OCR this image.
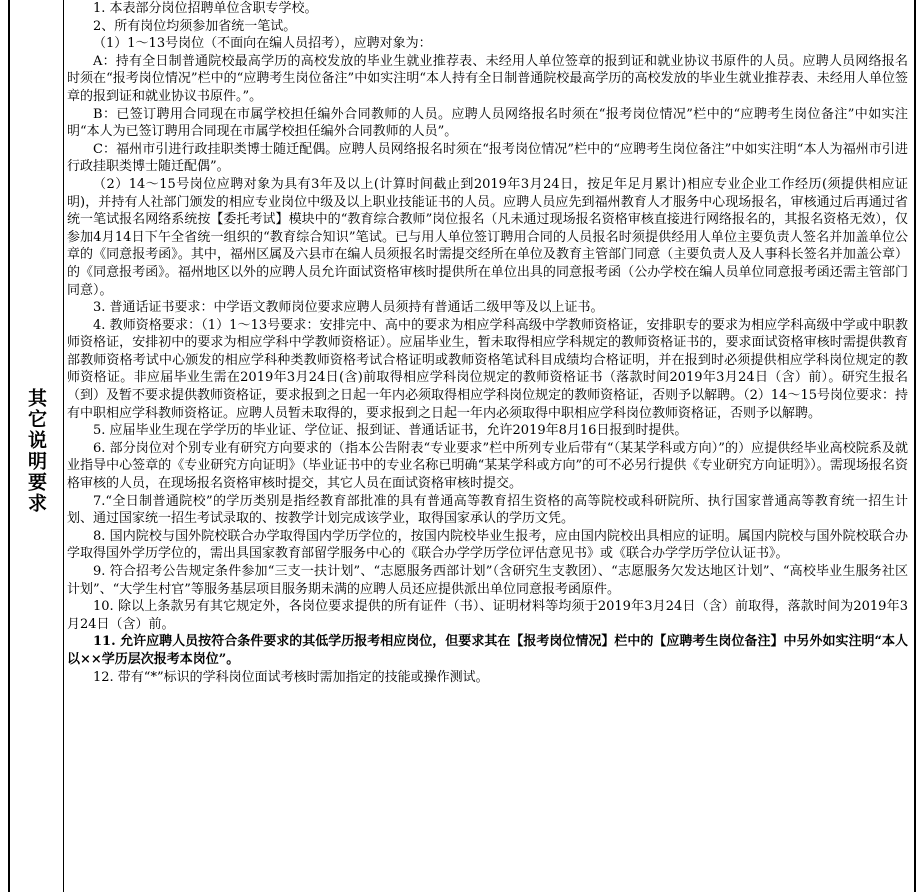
其它说明要求

1. 本表部分岗位招聘单位含职专学校。

2、所有岗位均须参加省统一笔试。

（1）1～13号岗位（不面向在编人员招考），应聘对象为：

A：持有全日制普通院校最高学历的高校发放的毕业生就业推荐表、未经用人单位签章的报到证和就业协议书原件的人员。应聘人员网络报名时须在“报考岗位情况”栏中的“应聘考生岗位备注”中如实注明“本人持有全日制普通院校最高学历的高校发放的毕业生就业推荐表、未经用人单位签章的报到证和就业协议书原件。”。

B：已签订聘用合同现在市属学校担任编外合同教师的人员。应聘人员网络报名时须在“报考岗位情况”栏中的“应聘考生岗位备注”中如实注明“本人为已签订聘用合同现在市属学校担任编外合同教师的人员”。

C：福州市引进行政挂职类博士随迁配偶。应聘人员网络报名时须在“报考岗位情况”栏中的“应聘考生岗位备注”中如实注明“本人为福州市引进行政挂职类博士随迁配偶”。

（2）14～15号岗位应聘对象为具有3年及以上(计算时间截止到2019年3月24日，按足年足月累计)相应专业企业工作经历(须提供相应证明)，并持有人社部门颁发的相应专业岗位中级及以上职业技能证书的人员。应聘人员应先到福州教育人才服务中心现场报名，审核通过后再通过省统一笔试报名网络系统按【委托考试】模块中的“教育综合教师”岗位报名（凡未通过现场报名资格审核直接进行网络报名的，其报名资格无效），仅参加4月14日下午全省统一组织的“教育综合知识”笔试。已与用人单位签订聘用合同的人员报名时须提供经用人单位主要负责人签名并加盖单位公章的《同意报考函》。其中，福州区属及六县市在编人员须报名时需提交经所在单位及教育主管部门同意（主要负责人及人事科长签名并加盖公章）的《同意报考函》。福州地区以外的应聘人员允许面试资格审核时提供所在单位出具的同意报考函（公办学校在编人员单位同意报考函还需主管部门同意）。

3. 普通话证书要求：中学语文教师岗位要求应聘人员须持有普通话二级甲等及以上证书。

4. 教师资格要求：（1）1～13号要求：安排完中、高中的要求为相应学科高级中学教师资格证，安排职专的要求为相应学科高级中学或中职教师资格证，安排初中的要求为相应学科中学教师资格证）。应届毕业生，暂未取得相应学科规定的教师资格证书的，要求面试资格审核时需提供教育部教师资格考试中心颁发的相应学科种类教师资格考试合格证明或教师资格笔试科目成绩均合格证明，并在报到时必须提供相应学科岗位规定的教师资格证。非应届毕业生需在2019年3月24日(含)前取得相应学科岗位规定的教师资格证书（落款时间2019年3月24日（含）前）。研究生报名（到）及暂不要求提供教师资格证，要求报到之日起一年内必须取得相应学科岗位规定的教师资格证，否则予以解聘。（2）14～15号岗位要求：持有中职相应学科教师资格证。应聘人员暂未取得的，要求报到之日起一年内必须取得中职相应学科岗位教师资格证，否则予以解聘。

5. 应届毕业生现在学学历的毕业证、学位证、报到证、普通话证书，允许2019年8月16日报到时提供。

6. 部分岗位对个别专业有研究方向要求的（指本公告附表“专业要求”栏中所列专业后带有“（某某学科或方向）”的）应提供经毕业高校院系及就业指导中心签章的《专业研究方向证明》（毕业证书中的专业名称已明确“某某学科或方向”的可不必另行提供《专业研究方向证明》）。需现场报名资格审核的人员，在现场报名资格审核时提交，其它人员在面试资格审核时提交。

7.“全日制普通院校”的学历类别是指经教育部批准的具有普通高等教育招生资格的高等院校或科研院所、执行国家普通高等教育统一招生计划、通过国家统一招生考试录取的、按教学计划完成该学业，取得国家承认的学历文凭。

8. 国内院校与国外院校联合办学取得国内学历学位的，按国内院校毕业生报考，应由国内院校出具相应的证明。属国内院校与国外院校联合办学取得国外学历学位的，需出具国家教育部留学服务中心的《联合办学学历学位评估意见书》或《联合办学学历学位认证书》。

9. 符合招考公告规定条件参加“三支一扶计划”、“志愿服务西部计划”（含研究生支教团）、“志愿服务欠发达地区计划”、“高校毕业生服务社区计划”、“大学生村官”等服务基层项目服务期未满的应聘人员还应提供派出单位同意报考函原件。

10. 除以上条款另有其它规定外，各岗位要求提供的所有证件（书）、证明材料等均须于2019年3月24日（含）前取得，落款时间为2019年3月24日（含）前。

11. 允许应聘人员按符合条件要求的其低学历报考相应岗位，但要求其在【报考岗位情况】栏中的【应聘考生岗位备注】中另外如实注明“本人以××学历层次报考本岗位”。

12. 带有“*”标识的学科岗位面试考核时需加指定的技能或操作测试。
